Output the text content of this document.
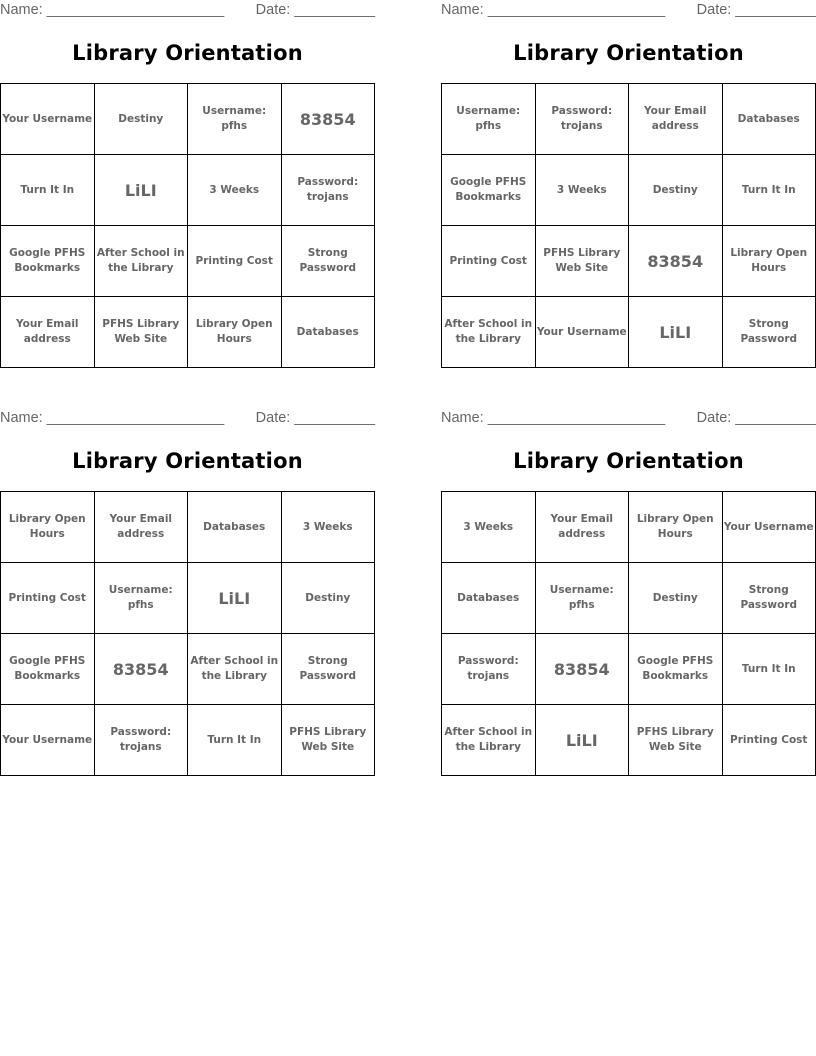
Name: ______________________ Date: __________
Library Orientation
Your Username	Destiny	Username: pfhs	83854
Turn It In	LiLI	3 Weeks	Password: trojans
Google PFHS Bookmarks	After School in the Library	Printing Cost	Strong Password
Your Email address	PFHS Library Web Site	Library Open Hours	Databases
Name: ______________________ Date: __________
Library Orientation
Username: pfhs	Password: trojans	Your Email address	Databases
Google PFHS Bookmarks	3 Weeks	Destiny	Turn It In
Printing Cost	PFHS Library Web Site	83854	Library Open Hours
After School in the Library	Your Username	LiLI	Strong Password
Name: ______________________ Date: __________
Library Orientation
Library Open Hours	Your Email address	Databases	3 Weeks
Printing Cost	Username: pfhs	LiLI	Destiny
Google PFHS Bookmarks	83854	After School in the Library	Strong Password
Your Username	Password: trojans	Turn It In	PFHS Library Web Site
Name: ______________________ Date: __________
Library Orientation
3 Weeks	Your Email address	Library Open Hours	Your Username
Databases	Username: pfhs	Destiny	Strong Password
Password: trojans	83854	Google PFHS Bookmarks	Turn It In
After School in the Library	LiLI	PFHS Library Web Site	Printing Cost
